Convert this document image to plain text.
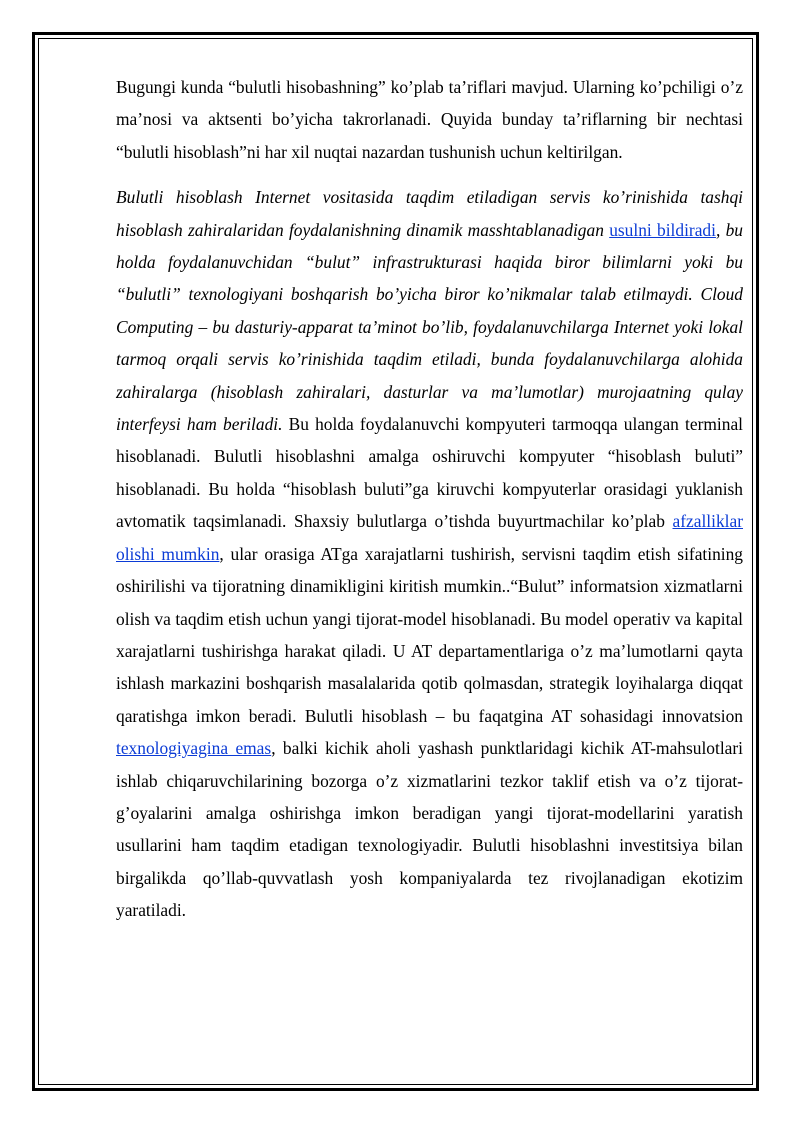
Bugungi kunda “bulutli hisobashning” ko’plab ta’riflari mavjud. Ularning ko’pchiligi o’z ma’nosi va aktsenti bo’yicha takrorlanadi. Quyida bunday ta’riflarning bir nechtasi “bulutli hisoblash”ni har xil nuqtai nazardan tushunish uchun keltirilgan.

Bulutli hisoblash Internet vositasida taqdim etiladigan servis ko’rinishida tashqi hisoblash zahiralaridan foydalanishning dinamik masshtablanadigan usulni bildiradi, bu holda foydalanuvchidan “bulut” infrastrukturasi haqida biror bilimlarni yoki bu “bulutli” texnologiyani boshqarish bo’yicha biror ko’nikmalar talab etilmaydi. Cloud Computing – bu dasturiy-apparat ta’minot bo’lib, foydalanuvchilarga Internet yoki lokal tarmoq orqali servis ko’rinishida taqdim etiladi, bunda foydalanuvchilarga alohida zahiralarga (hisoblash zahiralari, dasturlar va ma’lumotlar) murojaatning qulay interfeysi ham beriladi. Bu holda foydalanuvchi kompyuteri tarmoqqa ulangan terminal hisoblanadi. Bulutli hisoblashni amalga oshiruvchi kompyuter “hisoblash buluti” hisoblanadi. Bu holda “hisoblash buluti”ga kiruvchi kompyuterlar orasidagi yuklanish avtomatik taqsimlanadi. Shaxsiy bulutlarga o’tishda buyurtmachilar ko’plab afzalliklar olishi mumkin, ular orasiga ATga xarajatlarni tushirish, servisni taqdim etish sifatining oshirilishi va tijoratning dinamikligini kiritish mumkin..“Bulut” informatsion xizmatlarni olish va taqdim etish uchun yangi tijorat-model hisoblanadi. Bu model operativ va kapital xarajatlarni tushirishga harakat qiladi. U AT departamentlariga o’z ma’lumotlarni qayta ishlash markazini boshqarish masalalarida qotib qolmasdan, strategik loyihalarga diqqat qaratishga imkon beradi. Bulutli hisoblash – bu faqatgina AT sohasidagi innovatsion texnologiyagina emas, balki kichik aholi yashash punktlaridagi kichik AT-mahsulotlari ishlab chiqaruvchilarining bozorga o’z xizmatlarini tezkor taklif etish va o’z tijorat-g’oyalarini amalga oshirishga imkon beradigan yangi tijorat-modellarini yaratish usullarini ham taqdim etadigan texnologiyadir. Bulutli hisoblashni investitsiya bilan birgalikda qo’llab-quvvatlash yosh kompaniyalarda tez rivojlanadigan ekotizim yaratiladi.
